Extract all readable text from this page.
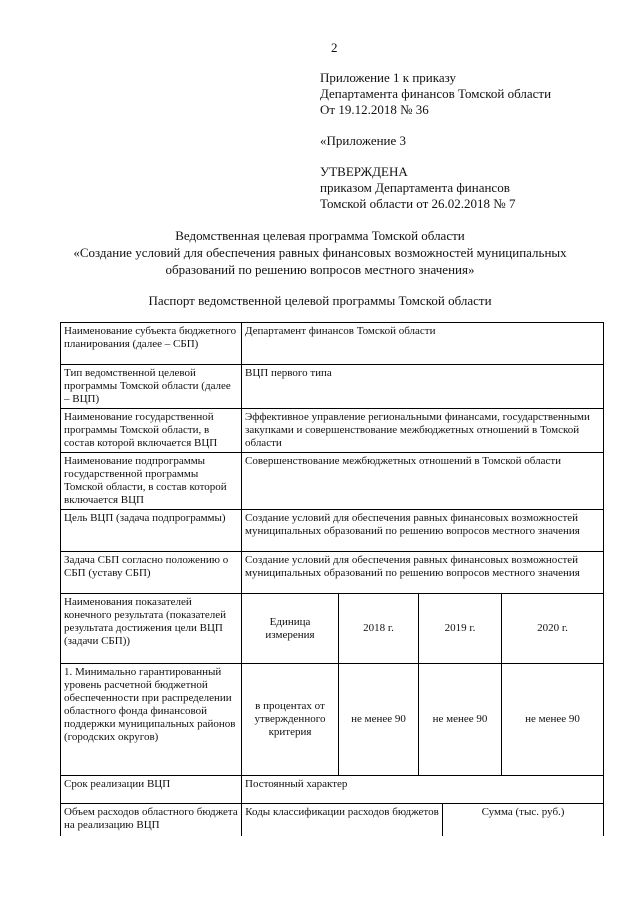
2
Приложение 1 к приказу
Департамента финансов Томской области
От 19.12.2018 № 36
«Приложение 3
УТВЕРЖДЕНА
приказом Департамента финансов
Томской области от 26.02.2018 № 7
Ведомственная целевая программа Томской области
«Создание условий для обеспечения равных финансовых возможностей муниципальных
образований по решению вопросов местного значения»
Паспорт ведомственной целевой программы Томской области
Наименование субъекта бюджетного планирования (далее – СБП)	Департамент финансов Томской области				
Тип ведомственной целевой программы Томской области (далее – ВЦП)	ВЦП первого типа				
Наименование государственной программы Томской области, в состав которой включается ВЦП	Эффективное управление региональными финансами, государственными закупками и совершенствование межбюджетных отношений в Томской области				
Наименование подпрограммы государственной программы Томской области, в состав которой включается ВЦП	Совершенствование межбюджетных отношений в Томской области				
Цель ВЦП (задача подпрограммы)	Создание условий для обеспечения равных финансовых возможностей муниципальных образований по решению вопросов местного значения				
Задача СБП согласно положению о СБП (уставу СБП)	Создание условий для обеспечения равных финансовых возможностей муниципальных образований по решению вопросов местного значения				
Наименования показателей конечного результата (показателей результата достижения цели ВЦП (задачи СБП))	Единица измерения	2018 г.	2019 г.		2020 г.
1. Минимально гарантированный уровень расчетной бюджетной обеспеченности при распределении областного фонда финансовой поддержки муниципальных районов (городских округов)	в процентах от утвержденного критерия	не менее 90	не менее 90		не менее 90
Срок реализации ВЦП	Постоянный характер				
Объем расходов областного бюджета на реализацию ВЦП	Коды классификации расходов бюджетов			Сумма (тыс. руб.)	
